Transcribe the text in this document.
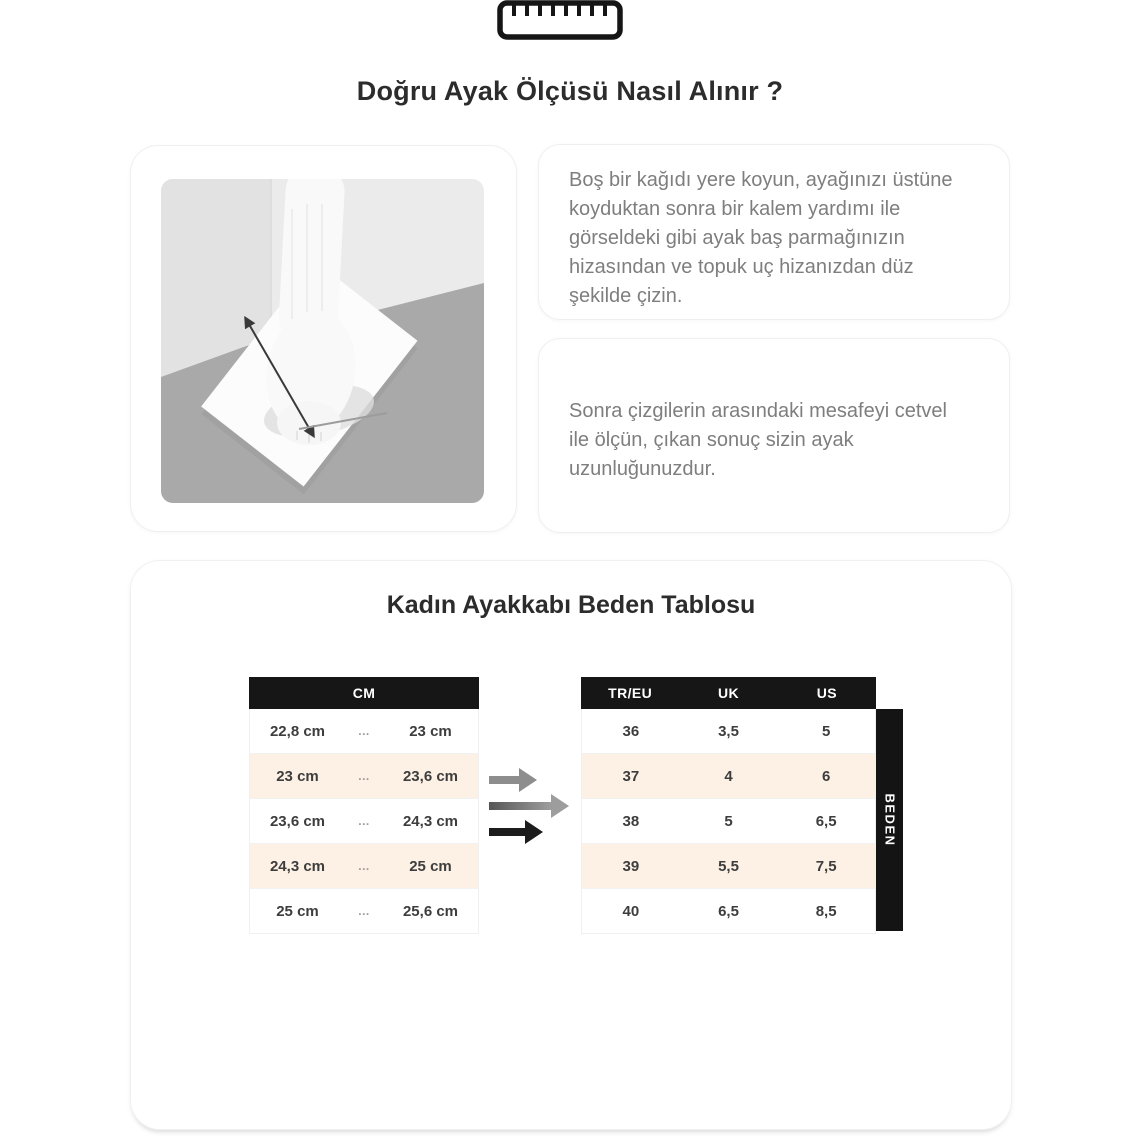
Doğru Ayak Ölçüsü Nasıl Alınır ?

Boş bir kağıdı yere koyun, ayağınızı üstüne koyduktan sonra bir kalem yardımı ile görseldeki gibi ayak baş parmağınızın hizasından ve topuk uç hizanızdan düz şekilde çizin.

Sonra çizgilerin arasındaki mesafeyi cetvel ile ölçün, çıkan sonuç sizin ayak uzunluğunuzdur.

Kadın Ayakkabı Beden Tablosu
CM
22,8 cm	...	23 cm
23 cm	... 23,6 cm
23,6 cm	... 24,3 cm
24,3 cm	...	25 cm
25 cm	... 25,6 cm
TR/EU	UK	US
36	3,5	5
37	4	6
38	5	6,5
39	5,5	7,5
40	6,5	8,5
BEDEN
